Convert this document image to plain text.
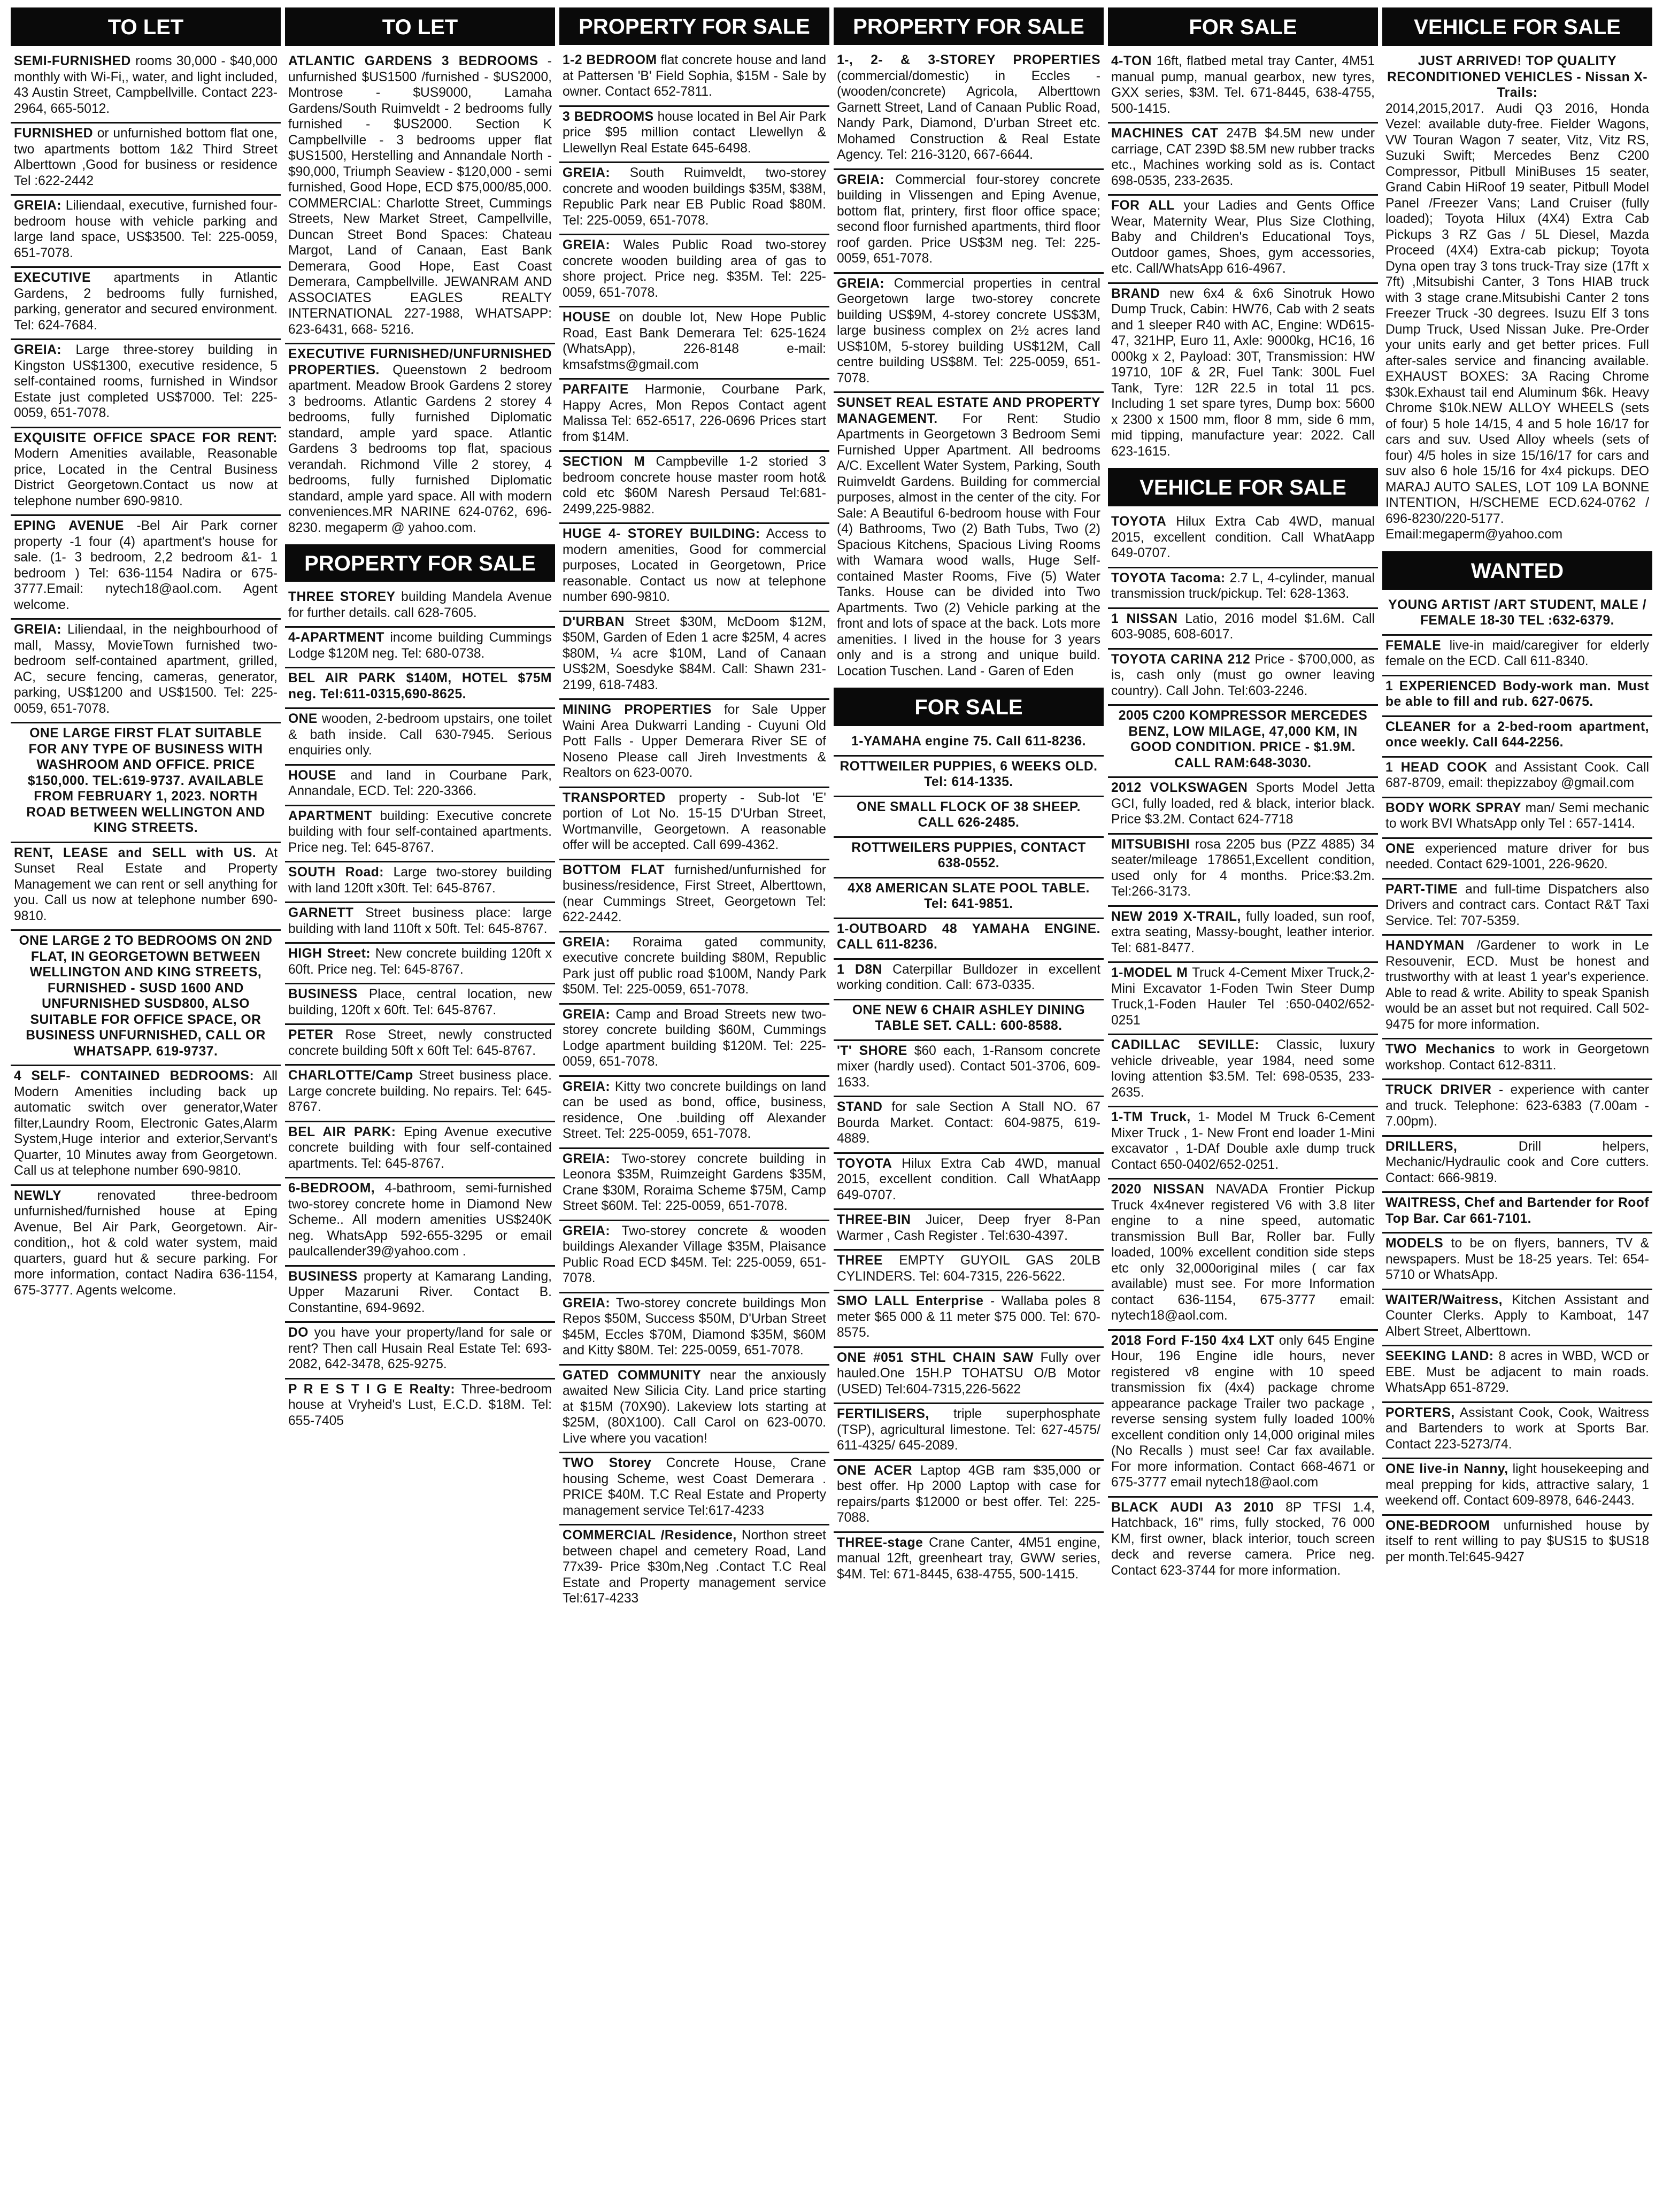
TO LET
SEMI-FURNISHED rooms 30,000 - $40,000 monthly with Wi-Fi,, water, and light included, 43 Austin Street, Campbellville. Contact 223-2964, 665-5012.
FURNISHED or unfurnished bottom flat one, two apartments bottom 1&2 Third Street Alberttown ,Good for business or residence Tel :622-2442
GREIA: Liliendaal, executive, furnished four-bedroom house with vehicle parking and large land space, US$3500. Tel: 225-0059, 651-7078.
EXECUTIVE apartments in Atlantic Gardens, 2 bedrooms fully furnished, parking, generator and secured environment. Tel: 624-7684.
GREIA: Large three-storey building in Kingston US$1300, executive residence, 5 self-contained rooms, furnished in Windsor Estate just completed US$7000. Tel: 225-0059, 651-7078.
EXQUISITE OFFICE SPACE FOR RENT: Modern Amenities available, Reasonable price, Located in the Central Business District Georgetown.Contact us now at telephone number 690-9810.
EPING AVENUE -Bel Air Park corner property -1 four (4) apartment's house for sale. (1- 3 bedroom, 2,2 bedroom &1- 1 bedroom ) Tel: 636-1154 Nadira or 675-3777.Email: nytech18@aol.com. Agent welcome.
GREIA: Liliendaal, in the neighbourhood of mall, Massy, MovieTown furnished two-bedroom self-contained apartment, grilled, AC, secure fencing, cameras, generator, parking, US$1200 and US$1500. Tel: 225-0059, 651-7078.
ONE LARGE FIRST FLAT SUITABLE FOR ANY TYPE OF BUSINESS WITH WASHROOM AND OFFICE. PRICE $150,000. TEL:619-9737. AVAILABLE FROM FEBRUARY 1, 2023. NORTH ROAD BETWEEN WELLINGTON AND KING STREETS.
RENT, LEASE and SELL with US. At Sunset Real Estate and Property Management we can rent or sell anything for you. Call us now at telephone number 690-9810.
ONE LARGE 2 TO BEDROOMS ON 2ND FLAT, IN GEORGETOWN BETWEEN WELLINGTON AND KING STREETS, FURNISHED - SUSD 1600 AND UNFURNISHED SUSD800, ALSO SUITABLE FOR OFFICE SPACE, OR BUSINESS UNFURNISHED, CALL OR WHATSAPP. 619-9737.
4 SELF- CONTAINED BEDROOMS: All Modern Amenities including back up automatic switch over generator,Water filter,Laundry Room, Electronic Gates,Alarm System,Huge interior and exterior,Servant's Quarter, 10 Minutes away from Georgetown. Call us at telephone number 690-9810.
NEWLY	renovated three-bedroom unfurnished/furnished house at Eping Avenue, Bel Air Park, Georgetown. Air-condition,, hot & cold water system, maid quarters, guard hut & secure parking. For more information, contact Nadira 636-1154, 675-3777. Agents welcome.
TO LET
ATLANTIC GARDENS 3 BEDROOMS - unfurnished $US1500 /furnished - $US2000, Montrose - $US9000, Lamaha Gardens/South Ruimveldt - 2 bedrooms fully furnished - $US2000. Section K Campbellville - 3 bedrooms upper flat $US1500, Herstelling and Annandale North - $90,000, Triumph Seaview - $120,000 - semi furnished, Good Hope, ECD $75,000/85,000. COMMERCIAL: Charlotte Street, Cummings Streets, New Market Street, Campellville, Duncan Street Bond Spaces: Chateau Margot, Land of Canaan, East Bank Demerara, Good Hope, East Coast Demerara, Campbellville. JEWANRAM AND ASSOCIATES EAGLES REALTY INTERNATIONAL 227-1988, WHATSAPP: 623-6431, 668- 5216.
EXECUTIVE FURNISHED/UNFURNISHED PROPERTIES. Queenstown 2 bedroom apartment. Meadow Brook Gardens 2 storey 3 bedrooms. Atlantic Gardens 2 storey 4 bedrooms, fully furnished Diplomatic standard, ample yard space. Atlantic Gardens 3 bedrooms top flat, spacious verandah. Richmond Ville 2 storey, 4 bedrooms, fully furnished Diplomatic standard, ample yard space. All with modern conveniences.MR NARINE 624-0762, 696-8230. megaperm @ yahoo.com.
PROPERTY FOR SALE
THREE STOREY building Mandela Avenue for further details. call 628-7605.
4-APARTMENT income building Cummings Lodge $120M neg. Tel: 680-0738.
BEL AIR PARK $140M, HOTEL $75M neg. Tel:611-0315,690-8625.
ONE wooden, 2-bedroom upstairs, one toilet & bath inside. Call 630-7945. Serious enquiries only.
HOUSE and land in Courbane Park, Annandale, ECD. Tel: 220-3366.
APARTMENT building: Executive concrete building with four self-contained apartments. Price neg. Tel: 645-8767.
SOUTH Road: Large two-storey building with land 120ft x30ft. Tel: 645-8767.
GARNETT Street business place: large building with land 110ft x 50ft. Tel: 645-8767.
HIGH Street: New concrete building 120ft x 60ft. Price neg. Tel: 645-8767.
BUSINESS Place, central location, new building, 120ft x 60ft. Tel: 645-8767.
PETER Rose Street, newly constructed concrete building 50ft x 60ft Tel: 645-8767.
CHARLOTTE/Camp Street business place. Large concrete building. No repairs. Tel: 645-8767.
BEL AIR PARK: Eping Avenue executive concrete building with four self-contained apartments. Tel: 645-8767.
6-BEDROOM, 4-bathroom, semi-furnished two-storey concrete home in Diamond New Scheme.. All modern amenities US$240K neg. WhatsApp 592-655-3295 or email paulcallender39@yahoo.com .
BUSINESS property at Kamarang Landing, Upper Mazaruni River. Contact B. Constantine, 694-9692.
DO you have your property/land for sale or rent? Then call Husain Real Estate Tel: 693-2082, 642-3478, 625-9275.
P R E S T I G E Realty: Three-bedroom house at Vryheid's Lust, E.C.D. $18M. Tel: 655-7405
PROPERTY FOR SALE
1-2 BEDROOM flat concrete house and land at Pattersen 'B' Field Sophia, $15M - Sale by owner. Contact 652-7811.
3 BEDROOMS house located in Bel Air Park price $95 million contact Llewellyn & Llewellyn Real Estate 645-6498.
GREIA: South Ruimveldt, two-storey concrete and wooden buildings $35M, $38M, Republic Park near EB Public Road $80M. Tel: 225-0059, 651-7078.
GREIA: Wales Public Road two-storey concrete wooden building area of gas to shore project. Price neg. $35M. Tel: 225-0059, 651-7078.
HOUSE on double lot, New Hope Public Road, East Bank Demerara Tel: 625-1624 (WhatsApp), 226-8148 e-mail: kmsafstms@gmail.com
PARFAITE Harmonie, Courbane Park, Happy Acres, Mon Repos Contact agent Malissa Tel: 652-6517, 226-0696 Prices start from $14M.
SECTION M Campbeville 1-2 storied 3 bedroom concrete house master room hot& cold etc $60M Naresh Persaud Tel:681-2499,225-9882.
HUGE 4- STOREY BUILDING: Access to modern amenities, Good for commercial purposes, Located in Georgetown, Price reasonable. Contact us now at telephone number 690-9810.
D'URBAN Street $30M, McDoom $12M, $50M, Garden of Eden 1 acre $25M, 4 acres $80M, ¼ acre $10M, Land of Canaan US$2M, Soesdyke $84M. Call: Shawn 231-2199, 618-7483.
MINING PROPERTIES for Sale Upper Waini Area Dukwarri Landing - Cuyuni Old Pott Falls - Upper Demerara River SE of Noseno Please call Jireh Investments & Realtors on 623-0070.
TRANSPORTED property - Sub-lot 'E' portion of Lot No. 15-15 D'Urban Street, Wortmanville, Georgetown. A reasonable offer will be accepted. Call 699-4362.
BOTTOM FLAT furnished/unfurnished for business/residence, First Street, Alberttown, (near Cummings Street, Georgetown Tel: 622-2442.
GREIA: Roraima gated community, executive concrete building $80M, Republic Park just off public road $100M, Nandy Park $50M. Tel: 225-0059, 651-7078.
GREIA: Camp and Broad Streets new two-storey concrete building $60M, Cummings Lodge apartment building $120M. Tel: 225-0059, 651-7078.
GREIA: Kitty two concrete buildings on land can be used as bond, office, business, residence, One .building off Alexander Street. Tel: 225-0059, 651-7078.
GREIA: Two-storey concrete building in Leonora $35M, Ruimzeight Gardens $35M, Crane $30M, Roraima Scheme $75M, Camp Street $60M. Tel: 225-0059, 651-7078.
GREIA: Two-storey concrete & wooden buildings Alexander Village $35M, Plaisance Public Road ECD $45M. Tel: 225-0059, 651-7078.
GREIA: Two-storey concrete buildings Mon Repos $50M, Success $50M, D'Urban Street $45M, Eccles $70M, Diamond $35M, $60M and Kitty $80M. Tel: 225-0059, 651-7078.
GATED COMMUNITY near the anxiously awaited New Silicia City. Land price starting at $15M (70X90). Lakeview lots starting at $25M, (80X100). Call Carol on 623-0070. Live where you vacation!
TWO Storey Concrete House, Crane housing Scheme, west Coast Demerara . PRICE $40M. T.C Real Estate and Property management service Tel:617-4233
COMMERCIAL /Residence, Northon street between chapel and cemetery Road, Land 77x39- Price $30m,Neg .Contact T.C Real Estate and Property management service Tel:617-4233
PROPERTY FOR SALE
1-, 2- & 3-STOREY PROPERTIES (commercial/domestic) in Eccles - (wooden/concrete) Agricola, Alberttown Garnett Street, Land of Canaan Public Road, Nandy Park, Diamond, D'urban Street etc. Mohamed Construction & Real Estate Agency. Tel: 216-3120, 667-6644.
GREIA: Commercial four-storey concrete building in Vlissengen and Eping Avenue, bottom flat, printery, first floor office space; second floor furnished apartments, third floor roof garden. Price US$3M neg. Tel: 225-0059, 651-7078.
GREIA: Commercial properties in central Georgetown large two-storey concrete building US$9M, 4-storey concrete US$3M, large business complex on 2½ acres land US$10M, 5-storey building US$12M, Call centre building US$8M. Tel: 225-0059, 651-7078.
SUNSET REAL ESTATE AND PROPERTY MANAGEMENT. For Rent: Studio Apartments in Georgetown 3 Bedroom Semi Furnished Upper Apartment. All bedrooms A/C. Excellent Water System, Parking, South Ruimveldt Gardens. Building for commercial purposes, almost in the center of the city. For Sale: A Beautiful 6-bedroom house with Four (4) Bathrooms, Two (2) Bath Tubs, Two (2) Spacious Kitchens, Spacious Living Rooms with Wamara wood walls, Huge Self-contained Master Rooms, Five (5) Water Tanks. House can be divided into Two Apartments. Two (2) Vehicle parking at the front and lots of space at the back. Lots more amenities. I lived in the house for 3 years only and is a strong and unique build. Location Tuschen. Land - Garen of Eden
FOR SALE
1-YAMAHA engine 75. Call 611-8236.
ROTTWEILER PUPPIES, 6 WEEKS OLD. Tel: 614-1335.
ONE SMALL FLOCK OF 38 SHEEP. CALL 626-2485.
ROTTWEILERS PUPPIES, CONTACT 638-0552.
4X8 AMERICAN SLATE POOL TABLE. Tel: 641-9851.
1-OUTBOARD 48 YAMAHA ENGINE. CALL 611-8236.
1 D8N Caterpillar Bulldozer in excellent working condition. Call: 673-0335.
ONE NEW 6 CHAIR ASHLEY DINING TABLE SET. CALL: 600-8588.
'T' SHORE $60 each, 1-Ransom concrete mixer (hardly used). Contact 501-3706, 609-1633.
STAND for sale Section A Stall NO. 67 Bourda Market. Contact: 604-9875, 619-4889.
TOYOTA Hilux Extra Cab 4WD, manual 2015, excellent condition. Call WhatAapp 649-0707.
THREE-BIN Juicer, Deep fryer 8-Pan Warmer , Cash Register . Tel:630-4397.
THREE EMPTY GUYOIL GAS 20LB CYLINDERS. Tel: 604-7315, 226-5622.
SMO LALL Enterprise - Wallaba poles 8 meter $65 000 & 11 meter $75 000. Tel: 670-8575.
ONE #051 STHL CHAIN SAW Fully over hauled.One 15H.P TOHATSU O/B Motor (USED) Tel:604-7315,226-5622
FERTILISERS, triple superphosphate (TSP), agricultural limestone. Tel: 627-4575/ 611-4325/ 645-2089.
ONE ACER Laptop 4GB ram $35,000 or best offer. Hp 2000 Laptop with case for repairs/parts $12000 or best offer. Tel: 225-7088.
THREE-stage Crane Canter, 4M51 engine, manual 12ft, greenheart tray, GWW series, $4M. Tel: 671-8445, 638-4755, 500-1415.
FOR SALE
4-TON 16ft, flatbed metal tray Canter, 4M51 manual pump, manual gearbox, new tyres, GXX series, $3M. Tel. 671-8445, 638-4755, 500-1415.
MACHINES CAT 247B $4.5M new under carriage, CAT 239D $8.5M new rubber tracks etc., Machines working sold as is. Contact 698-0535, 233-2635.
FOR ALL your Ladies and Gents Office Wear, Maternity Wear, Plus Size Clothing, Baby and Children's Educational Toys, Outdoor games, Shoes, gym accessories, etc. Call/WhatsApp 616-4967.
BRAND new 6x4 & 6x6 Sinotruk Howo Dump Truck, Cabin: HW76, Cab with 2 seats and 1 sleeper R40 with AC, Engine: WD615-47, 321HP, Euro 11, Axle: 9000kg, HC16, 16 000kg x 2, Payload: 30T, Transmission: HW 19710, 10F & 2R, Fuel Tank: 300L Fuel Tank, Tyre: 12R 22.5 in total 11 pcs. Including 1 set spare tyres, Dump box: 5600 x 2300 x 1500 mm, floor 8 mm, side 6 mm, mid tipping, manufacture year: 2022. Call 623-1615.
VEHICLE FOR SALE
TOYOTA Hilux Extra Cab 4WD, manual 2015, excellent condition. Call WhatAapp 649-0707.
TOYOTA Tacoma: 2.7 L, 4-cylinder, manual transmission truck/pickup. Tel: 628-1363.
1 NISSAN Latio, 2016 model $1.6M. Call 603-9085, 608-6017.
TOYOTA CARINA 212 Price - $700,000, as is, cash only (must go owner leaving country). Call John. Tel:603-2246.
2005 C200 KOMPRESSOR MERCEDES BENZ, LOW MILAGE, 47,000 KM, IN GOOD CONDITION. PRICE - $1.9M. CALL RAM:648-3030.
2012 VOLKSWAGEN Sports Model Jetta GCI, fully loaded, red & black, interior black. Price $3.2M. Contact 624-7718
MITSUBISHI rosa 2205 bus (PZZ 4885) 34 seater/mileage 178651,Excellent condition, used only for 4 months. Price:$3.2m. Tel:266-3173.
NEW 2019 X-TRAIL, fully loaded, sun roof, extra seating, Massy-bought, leather interior. Tel: 681-8477.
1-MODEL M Truck 4-Cement Mixer Truck,2-Mini Excavator 1-Foden Twin Steer Dump Truck,1-Foden Hauler Tel :650-0402/652-0251
CADILLAC SEVILLE: Classic, luxury vehicle driveable, year 1984, need some loving attention $3.5M. Tel: 698-0535, 233-2635.
1-TM Truck, 1- Model M Truck 6-Cement Mixer Truck , 1- New Front end loader 1-Mini excavator , 1-DAf Double axle dump truck Contact 650-0402/652-0251.
2020 NISSAN NAVADA Frontier Pickup Truck 4x4never registered V6 with 3.8 liter engine to a nine speed, automatic transmission Bull Bar, Roller bar. Fully loaded, 100% excellent condition side steps etc only 32,000original miles ( car fax available) must see. For more Information contact 636-1154, 675-3777 email: nytech18@aol.com.
2018 Ford F-150 4x4 LXT only 645 Engine Hour, 196 Engine idle hours, never registered v8 engine with 10 speed transmission fix (4x4) package chrome appearance package Trailer two package , reverse sensing system fully loaded 100% excellent condition only 14,000 original miles (No Recalls ) must see! Car fax available. For more information. Contact 668-4671 or 675-3777 email nytech18@aol.com
BLACK AUDI A3 2010 8P TFSI 1.4, Hatchback, 16" rims, fully stocked, 76 000 KM, first owner, black interior, touch screen deck and reverse camera. Price neg. Contact 623-3744 for more information.
VEHICLE FOR SALE
JUST ARRIVED! TOP QUALITY RECONDITIONED VEHICLES - Nissan X-Trails:
2014,2015,2017. Audi Q3 2016, Honda Vezel: available duty-free. Fielder Wagons, VW Touran Wagon 7 seater, Vitz, Vitz RS, Suzuki Swift; Mercedes Benz C200 Compressor, Pitbull MiniBuses 15 seater, Grand Cabin HiRoof 19 seater, Pitbull Model Panel /Freezer Vans; Land Cruiser (fully loaded); Toyota Hilux (4X4) Extra Cab Pickups 3 RZ Gas / 5L Diesel, Mazda Proceed (4X4) Extra-cab pickup; Toyota Dyna open tray 3 tons truck-Tray size (17ft x 7ft) ,Mitsubishi Canter, 3 Tons HIAB truck with 3 stage crane.Mitsubishi Canter 2 tons Freezer Truck -30 degrees. Isuzu Elf 3 tons Dump Truck, Used Nissan Juke. Pre-Order your units early and get better prices. Full after-sales service and financing available. EXHAUST BOXES: 3A Racing Chrome $30k.Exhaust tail end Aluminum $6k. Heavy Chrome $10k.NEW ALLOY WHEELS (sets of four) 5 hole 14/15, 4 and 5 hole 16/17 for cars and suv. Used Alloy wheels (sets of four) 4/5 holes in size 15/16/17 for cars and suv also 6 hole 15/16 for 4x4 pickups. DEO MARAJ AUTO SALES, LOT 109 LA BONNE INTENTION, H/SCHEME ECD.624-0762 / 696-8230/220-5177. Email:megaperm@yahoo.com
WANTED
YOUNG ARTIST /ART STUDENT, MALE / FEMALE 18-30 TEL :632-6379.
FEMALE live-in maid/caregiver for elderly female on the ECD. Call 611-8340.
1 EXPERIENCED Body-work man. Must be able to fill and rub. 627-0675.
CLEANER for a 2-bed-room apartment, once weekly. Call 644-2256.
1 HEAD COOK and Assistant Cook. Call 687-8709, email: thepizzaboy @gmail.com
BODY WORK SPRAY man/ Semi mechanic to work BVI WhatsApp only Tel : 657-1414.
ONE experienced mature driver for bus needed. Contact 629-1001, 226-9620.
PART-TIME and full-time Dispatchers also Drivers and contract cars. Contact R&T Taxi Service. Tel: 707-5359.
HANDYMAN /Gardener to work in Le Resouvenir, ECD. Must be honest and trustworthy with at least 1 year's experience. Able to read & write. Ability to speak Spanish would be an asset but not required. Call 502-9475 for more information.
TWO Mechanics to work in Georgetown workshop. Contact 612-8311.
TRUCK DRIVER - experience with canter and truck. Telephone: 623-6383 (7.00am - 7.00pm).
DRILLERS,	Drill helpers, Mechanic/Hydraulic cook and Core cutters. Contact: 666-9819.
WAITRESS, Chef and Bartender for Roof Top Bar. Car 661-7101.
MODELS to be on flyers, banners, TV & newspapers. Must be 18-25 years. Tel: 654-5710 or WhatsApp.
WAITER/Waitress, Kitchen Assistant and Counter Clerks. Apply to Kamboat, 147 Albert Street, Alberttown.
SEEKING LAND: 8 acres in WBD, WCD or EBE. Must be adjacent to main roads. WhatsApp 651-8729.
PORTERS, Assistant Cook, Cook, Waitress and Bartenders to work at Sports Bar. Contact 223-5273/74.
ONE live-in Nanny, light housekeeping and meal prepping for kids, attractive salary, 1 weekend off. Contact 609-8978, 646-2443.
ONE-BEDROOM unfurnished house by itself to rent willing to pay $US15 to $US18 per month.Tel:645-9427
